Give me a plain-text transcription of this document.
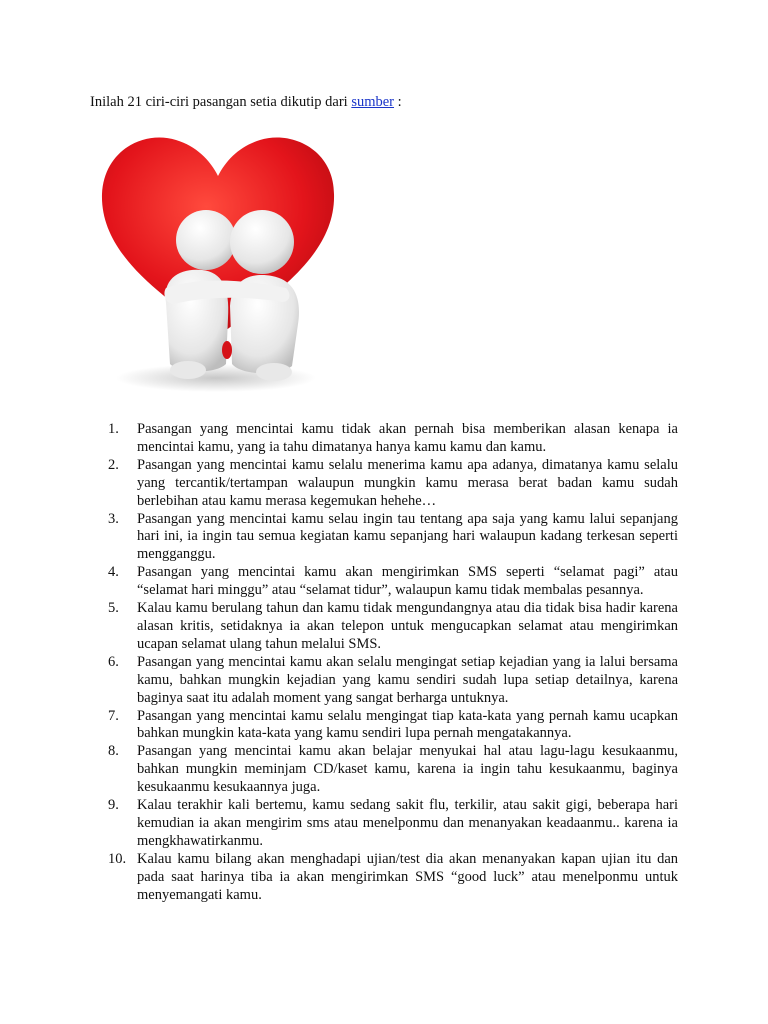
Inilah 21 ciri-ciri pasangan setia dikutip dari sumber :

1.	Pasangan yang mencintai kamu tidak akan pernah bisa memberikan alasan kenapa ia mencintai kamu, yang ia tahu dimatanya hanya kamu kamu dan kamu.
2.	Pasangan yang mencintai kamu selalu menerima kamu apa adanya, dimatanya kamu selalu yang tercantik/tertampan walaupun mungkin kamu merasa berat badan kamu sudah berlebihan atau kamu merasa kegemukan hehehe…
3.	Pasangan yang mencintai kamu selau ingin tau tentang apa saja yang kamu lalui sepanjang hari ini, ia ingin tau semua kegiatan kamu sepanjang hari walaupun kadang terkesan seperti mengganggu.
4.	Pasangan yang mencintai kamu akan mengirimkan SMS seperti “selamat pagi” atau “selamat hari minggu” atau “selamat tidur”, walaupun kamu tidak membalas pesannya.
5.	Kalau kamu berulang tahun dan kamu tidak mengundangnya atau dia tidak bisa hadir karena alasan kritis, setidaknya ia akan telepon untuk mengucapkan selamat atau mengirimkan ucapan selamat ulang tahun melalui SMS.
6.	Pasangan yang mencintai kamu akan selalu mengingat setiap kejadian yang ia lalui bersama kamu, bahkan mungkin kejadian yang kamu sendiri sudah lupa setiap detailnya, karena baginya saat itu adalah moment yang sangat berharga untuknya.
7.	Pasangan yang mencintai kamu selalu mengingat tiap kata-kata yang pernah kamu ucapkan bahkan mungkin kata-kata yang kamu sendiri lupa pernah mengatakannya.
8.	Pasangan yang mencintai kamu akan belajar menyukai hal atau lagu-lagu kesukaanmu, bahkan mungkin meminjam CD/kaset kamu, karena ia ingin tahu kesukaanmu, baginya kesukaanmu kesukaannya juga.
9.	Kalau terakhir kali bertemu, kamu sedang sakit flu, terkilir, atau sakit gigi, beberapa hari kemudian ia akan mengirim sms atau menelponmu dan menanyakan keadaanmu.. karena ia mengkhawatirkanmu.
10. Kalau kamu bilang akan menghadapi ujian/test dia akan menanyakan kapan ujian itu dan pada saat harinya tiba ia akan mengirimkan SMS “good luck” atau menelponmu untuk menyemangati kamu.
